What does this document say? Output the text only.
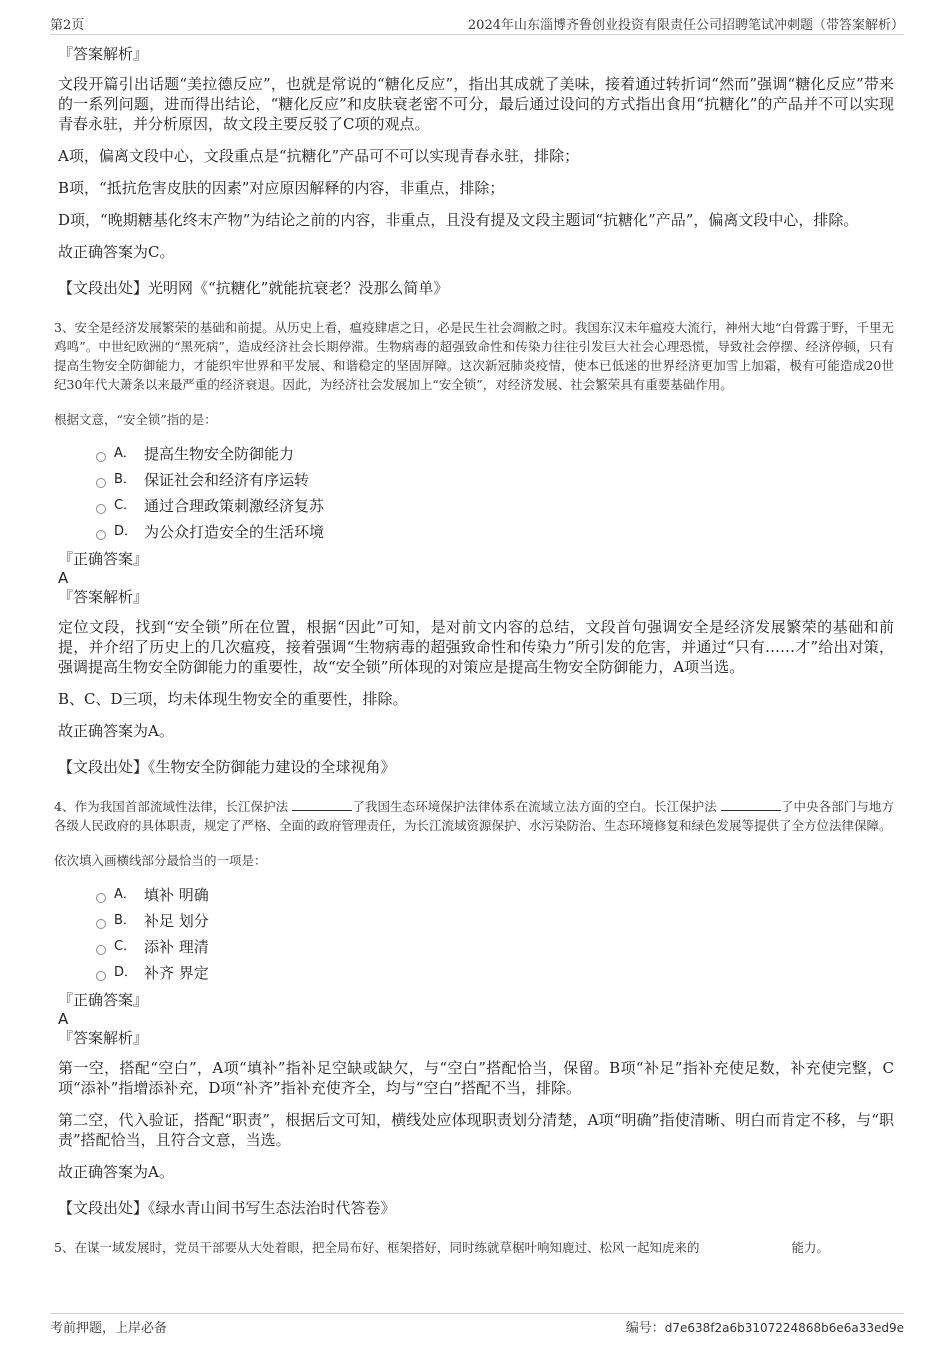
第2页	2024年山东淄博齐鲁创业投资有限责任公司招聘笔试冲刺题（带答案解析）

『答案解析』

文段开篇引出话题“美拉德反应”，也就是常说的“糖化反应”，指出其成就了美味，接着通过转折词“然而”强调“糖化反应”带来的一系列问题，进而得出结论，“糖化反应”和皮肤衰老密不可分，最后通过设问的方式指出食用“抗糖化”的产品并不可以实现青春永驻，并分析原因，故文段主要反驳了C项的观点。

A项，偏离文段中心，文段重点是“抗糖化”产品可不可以实现青春永驻，排除；

B项，“抵抗危害皮肤的因素”对应原因解释的内容，非重点，排除；

D项，“晚期糖基化终末产物”为结论之前的内容，非重点，且没有提及文段主题词“抗糖化”产品”，偏离文段中心，排除。

故正确答案为C。

【文段出处】光明网《“抗糖化”就能抗衰老？没那么简单》

3、安全是经济发展繁荣的基础和前提。从历史上看，瘟疫肆虐之日，必是民生社会凋敝之时。我国东汉末年瘟疫大流行，神州大地“白骨露于野，千里无鸡鸣”。中世纪欧洲的“黑死病”，造成经济社会长期停滞。生物病毒的超强致命性和传染力往往引发巨大社会心理恐慌，导致社会停摆、经济停顿，只有提高生物安全防御能力，才能织牢世界和平发展、和谐稳定的坚固屏障。这次新冠肺炎疫情，使本已低迷的世界经济更加雪上加霜，极有可能造成20世纪30年代大萧条以来最严重的经济衰退。因此，为经济社会发展加上“安全锁”，对经济发展、社会繁荣具有重要基础作用。

根据文意，“安全锁”指的是：

A． 提高生物安全防御能力
B． 保证社会和经济有序运转
C． 通过合理政策刺激经济复苏
D． 为公众打造安全的生活环境

『正确答案』

A

『答案解析』

定位文段，找到“安全锁”所在位置，根据“因此”可知，是对前文内容的总结，文段首句强调安全是经济发展繁荣的基础和前提，并介绍了历史上的几次瘟疫，接着强调“生物病毒的超强致命性和传染力”所引发的危害，并通过“只有……才”给出对策，强调提高生物安全防御能力的重要性，故“安全锁”所体现的对策应是提高生物安全防御能力，A项当选。

B、C、D三项，均未体现生物安全的重要性，排除。

故正确答案为A。

【文段出处】《生物安全防御能力建设的全球视角》

4、作为我国首部流域性法律，长江保护法	了我国生态环境保护法律体系在流域立法方面的空白。长江保护法	了中央各部门与地方各级人民政府的具体职责，规定了严格、全面的政府管理责任，为长江流域资源保护、水污染防治、生态环境修复和绿色发展等提供了全方位法律保障。

依次填入画横线部分最恰当的一项是：

A． 填补 明确
B． 补足 划分
C． 添补 理清
D． 补齐 界定

『正确答案』

A

『答案解析』

第一空，搭配“空白”，A项“填补”指补足空缺或缺欠，与“空白”搭配恰当，保留。B项“补足”指补充使足数，补充使完整，C项“添补”指增添补充，D项“补齐”指补充使齐全，均与“空白”搭配不当，排除。

第二空，代入验证，搭配“职责”，根据后文可知，横线处应体现职责划分清楚，A项“明确”指使清晰、明白而肯定不移，与“职责”搭配恰当，且符合文意，当选。

故正确答案为A。

【文段出处】《绿水青山间书写生态法治时代答卷》

5、在谋一域发展时，党员干部要从大处着眼，把全局布好、框架搭好，同时练就草椐叶响知鹿过、松风一起知虎来的	能力。

考前押题，上岸必备	编号：d7e638f2a6b3107224868b6e6a33ed9e
